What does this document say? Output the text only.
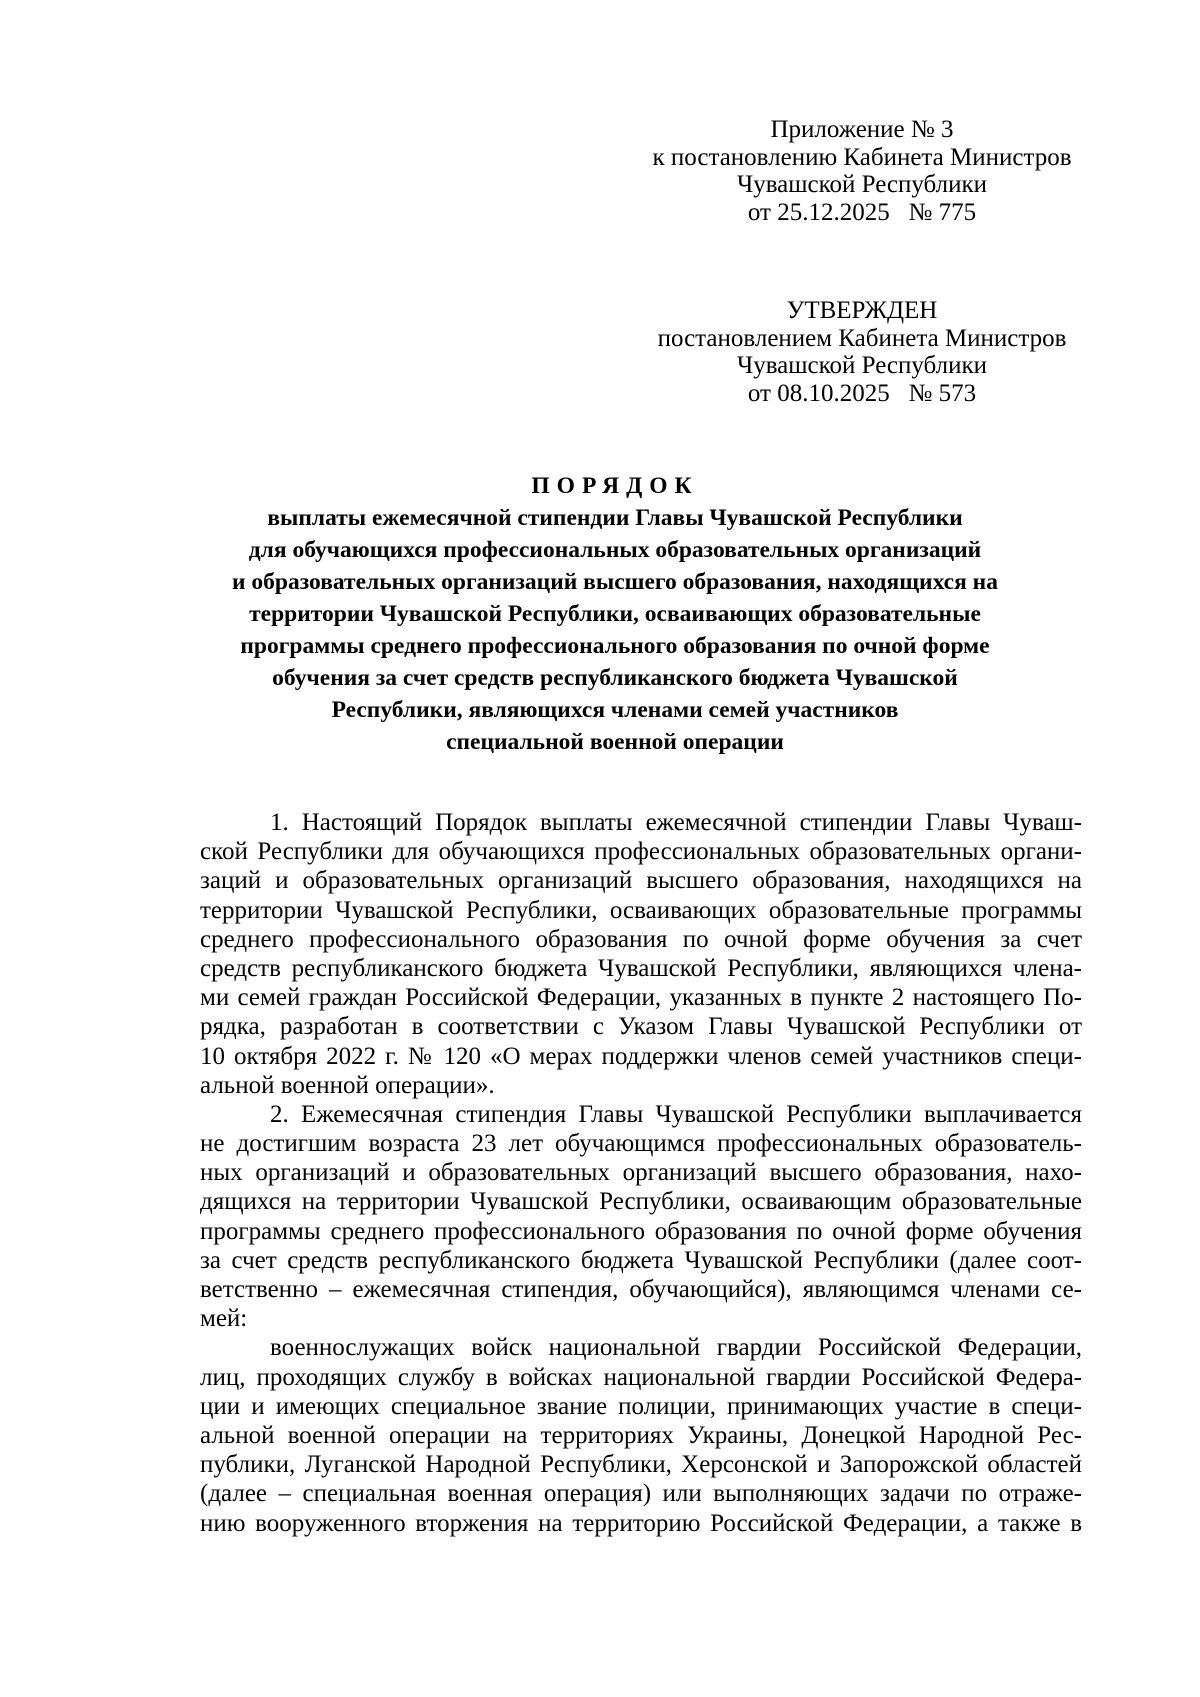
Приложение № 3
к постановлению Кабинета Министров
Чувашской Республики
от 25.12.2025   № 775
УТВЕРЖДЕН
постановлением Кабинета Министров
Чувашской Республики
от 08.10.2025   № 573
ПОРЯДОК
выплаты ежемесячной стипендии Главы Чувашской Республики
для обучающихся профессиональных образовательных организаций
и образовательных организаций высшего образования, находящихся на
территории Чувашской Республики, осваивающих образовательные
программы среднего профессионального образования по очной форме
обучения за счет средств республиканского бюджета Чувашской
Республики, являющихся членами семей участников
специальной военной операции
1. Настоящий Порядок выплаты ежемесячной стипендии Главы Чуваш-
ской Республики для обучающихся профессиональных образовательных органи-
заций и образовательных организаций высшего образования, находящихся на
территории Чувашской Республики, осваивающих образовательные программы
среднего профессионального образования по очной форме обучения за счет
средств республиканского бюджета Чувашской Республики, являющихся члена-
ми семей граждан Российской Федерации, указанных в пункте 2 настоящего По-
рядка, разработан в соответствии с Указом Главы Чувашской Республики от
10 октября 2022 г. № 120 «О мерах поддержки членов семей участников специ-
альной военной операции».
2. Ежемесячная стипендия Главы Чувашской Республики выплачивается
не достигшим возраста 23 лет обучающимся профессиональных образователь-
ных организаций и образовательных организаций высшего образования, нахо-
дящихся на территории Чувашской Республики, осваивающим образовательные
программы среднего профессионального образования по очной форме обучения
за счет средств республиканского бюджета Чувашской Республики (далее соот-
ветственно – ежемесячная стипендия, обучающийся), являющимся членами се-
мей:
военнослужащих войск национальной гвардии Российской Федерации,
лиц, проходящих службу в войсках национальной гвардии Российской Федера-
ции и имеющих специальное звание полиции, принимающих участие в специ-
альной военной операции на территориях Украины, Донецкой Народной Рес-
публики, Луганской Народной Республики, Херсонской и Запорожской областей
(далее – специальная военная операция) или выполняющих задачи по отраже-
нию вооруженного вторжения на территорию Российской Федерации, а также в
